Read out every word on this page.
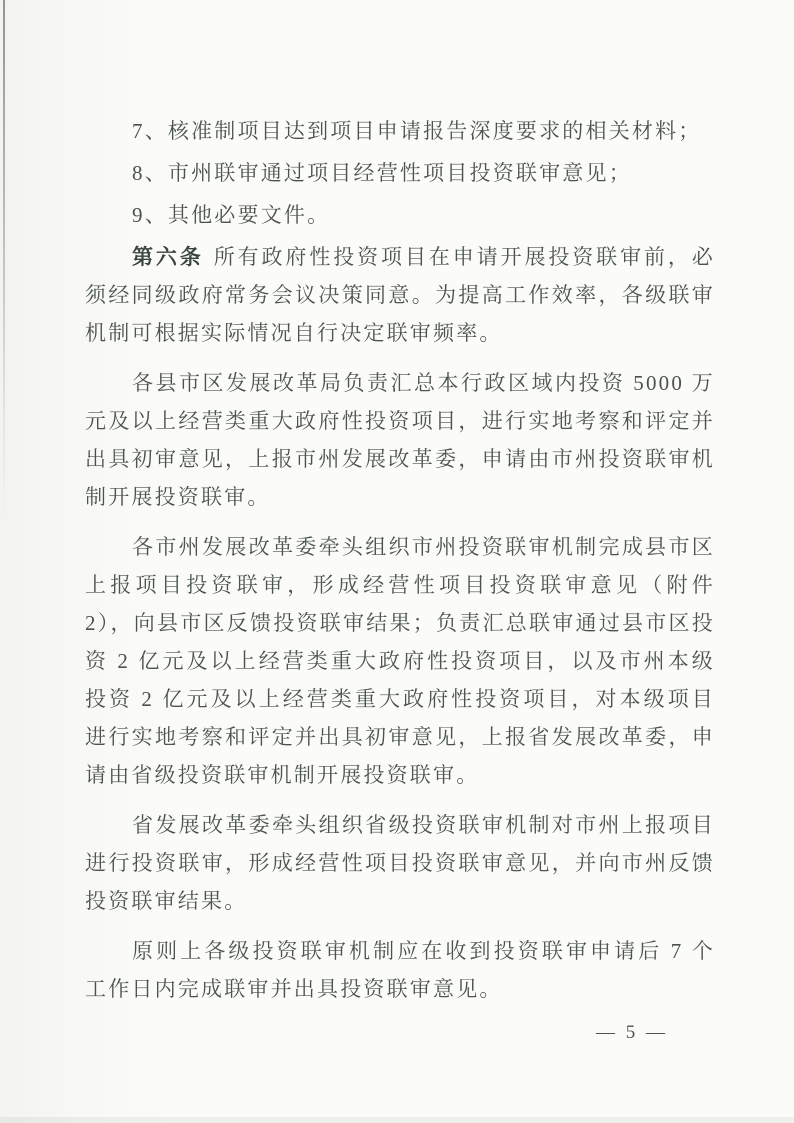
7、核准制项目达到项目申请报告深度要求的相关材料；

8、市州联审通过项目经营性项目投资联审意见；

9、其他必要文件。

第六条 所有政府性投资项目在申请开展投资联审前，必须经同级政府常务会议决策同意。为提高工作效率，各级联审机制可根据实际情况自行决定联审频率。

各县市区发展改革局负责汇总本行政区域内投资 5000 万元及以上经营类重大政府性投资项目，进行实地考察和评定并出具初审意见，上报市州发展改革委，申请由市州投资联审机制开展投资联审。

各市州发展改革委牵头组织市州投资联审机制完成县市区上报项目投资联审，形成经营性项目投资联审意见（附件 2），向县市区反馈投资联审结果；负责汇总联审通过县市区投资 2 亿元及以上经营类重大政府性投资项目，以及市州本级投资 2 亿元及以上经营类重大政府性投资项目，对本级项目进行实地考察和评定并出具初审意见，上报省发展改革委，申请由省级投资联审机制开展投资联审。

省发展改革委牵头组织省级投资联审机制对市州上报项目进行投资联审，形成经营性项目投资联审意见，并向市州反馈投资联审结果。

原则上各级投资联审机制应在收到投资联审申请后 7 个工作日内完成联审并出具投资联审意见。

— 5 —
